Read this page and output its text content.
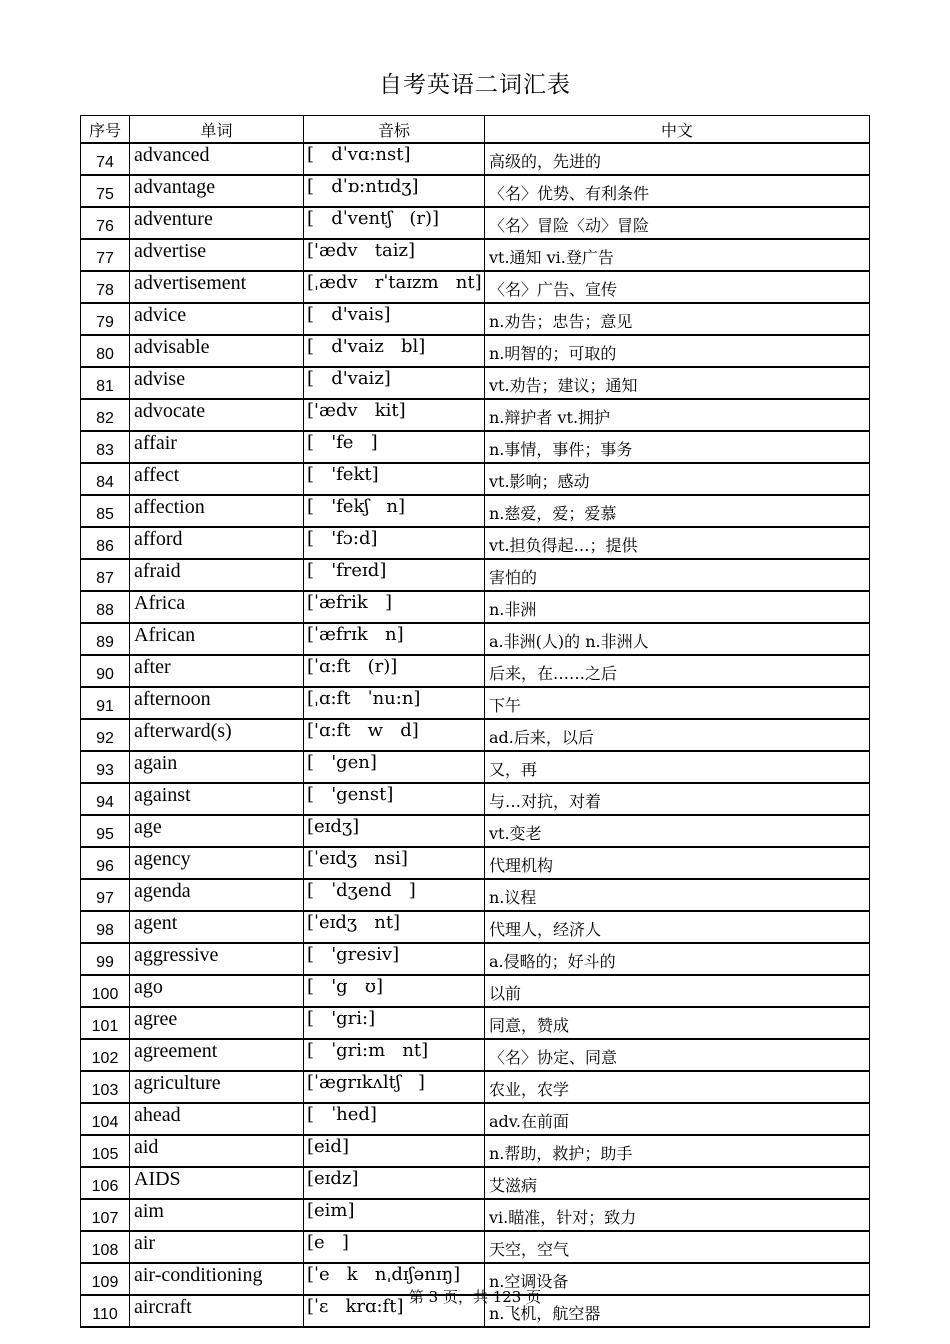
自考英语二词汇表
序号	单词	音标	中文
74	advanced	[   dˈvɑ:nst]	高级的，先进的
75	advantage	[   dˈɒ:ntɪdʒ]	〈名〉优势、有利条件
76	adventure	[   dˈventʃ   (r)]	〈名〉冒险〈动〉冒险
77	advertise	['ædv   taiz]	vt.通知 vi.登广告
78	advertisement	[ˌædv   rˈtaɪzm   nt]	〈名〉广告、宣传
79	advice	[   d'vais]	n.劝告；忠告；意见
80	advisable	[   d'vaiz   bl]	n.明智的；可取的
81	advise	[   d'vaiz]	vt.劝告；建议；通知
82	advocate	['ædv   kit]	n.辩护者 vt.拥护
83	affair	[   'fe   ]	n.事情，事件；事务
84	affect	[   'fekt]	vt.影响；感动
85	affection	[   'fekʃ   n]	n.慈爱，爱；爱慕
86	afford	[   'fɔ:d]	vt.担负得起…；提供
87	afraid	[   'freɪd]	害怕的
88	Africa	[ˈæfrik   ]	n.非洲
89	African	[ˈæfrɪk   n]	a.非洲(人)的 n.非洲人
90	after	[ˈɑ:ft   (r)]	后来，在……之后
91	afternoon	[ˌɑ:ft   ˈnu:n]	下午
92	afterward(s)	['ɑ:ft   w   d]	ad.后来，以后
93	again	[   'gen]	又，再
94	against	[   'genst]	与…对抗，对着
95	age	[eɪdʒ]	vt.变老
96	agency	[ˈeɪdʒ   nsi]	代理机构
97	agenda	[   ˈdʒend   ]	n.议程
98	agent	[ˈeɪdʒ   nt]	代理人，经济人
99	aggressive	[   'gresiv]	a.侵略的；好斗的
100	ago	[   'g   ʊ]	以前
101	agree	[   'gri:]	同意，赞成
102	agreement	[   ˈgri:m   nt]	〈名〉协定、同意
103	agriculture	[ˈægrɪkʌltʃ   ]	农业，农学
104	ahead	[   ˈhed]	adv.在前面
105	aid	[eid]	n.帮助，救护；助手
106	AIDS	[eɪdz]	艾滋病
107	aim	[eim]	vi.瞄准，针对；致力
108	air	[e   ]	天空，空气
109	air-conditioning	[ˈe   k   nˌdɪʃənɪŋ]	n.空调设备
110	aircraft	[ˈɛ   krɑ:ft]	n.飞机，航空器
第 3 页，共 123 页
